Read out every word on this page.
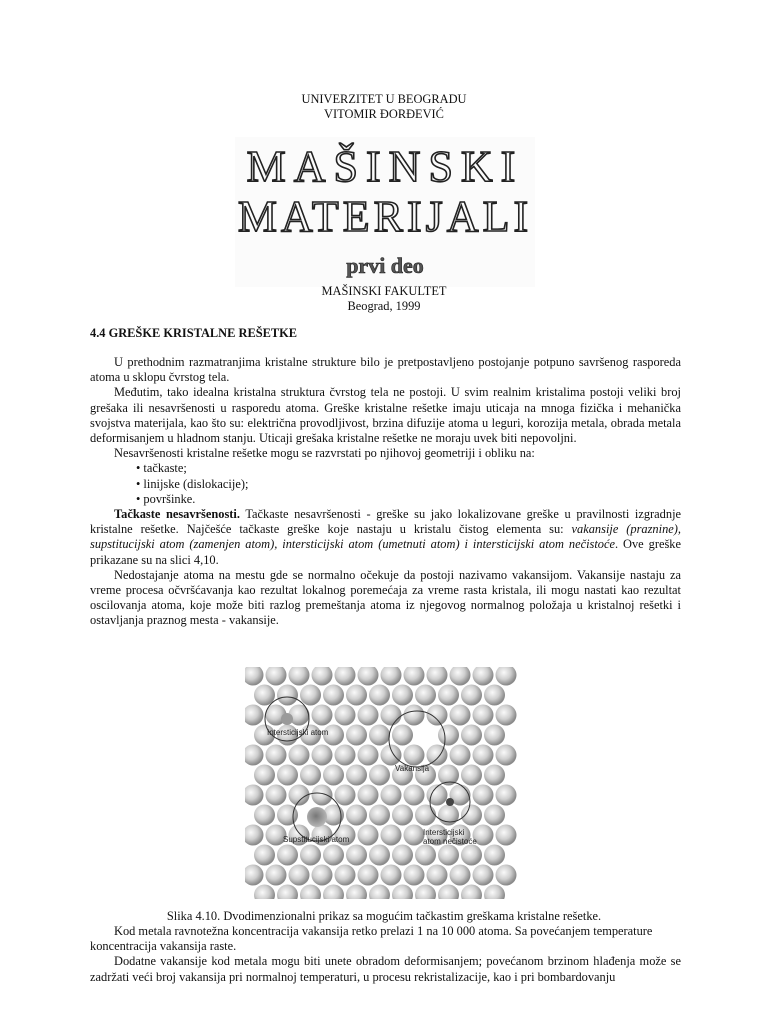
UNIVERZITET U BEOGRADU
VITOMIR ĐORĐEVIĆ
MAŠINSKI
MATERIJALI
prvi deo
MAŠINSKI FAKULTET
Beograd, 1999
4.4 GREŠKE KRISTALNE REŠETKE

U prethodnim razmatranjima kristalne strukture bilo je pretpostavljeno postojanje potpuno savršenog rasporeda atoma u sklopu čvrstog tela.

Međutim, tako idealna kristalna struktura čvrstog tela ne postoji. U svim realnim kristalima postoji veliki broj grešaka ili nesavršenosti u rasporedu atoma. Greške kristalne rešetke imaju uticaja na mnoga fizička i mehanička svojstva materijala, kao što su: električna provodljivost, brzina difuzije atoma u leguri, korozija metala, obrada metala deformisanjem u hladnom stanju. Uticaji grešaka kristalne rešetke ne moraju uvek biti nepovoljni.

Nesavršenosti kristalne rešetke mogu se razvrstati po njihovoj geometriji i obliku na:

• tačkaste;
• linijske (dislokacije);
• površinke.

Tačkaste nesavršenosti. Tačkaste nesavršenosti - greške su jako lokalizovane greške u pravilnosti izgradnje kristalne rešetke. Najčešće tačkaste greške koje nastaju u kristalu čistog elementa su: vakansije (praznine), supstitucijski atom (zamenjen atom), intersticijski atom (umetnuti atom) i intersticijski atom nečistoće. Ove greške prikazane su na slici 4,10.

Nedostajanje atoma na mestu gde se normalno očekuje da postoji nazivamo vakansijom. Vakansije nastaju za vreme procesa očvršćavanja kao rezultat lokalnog poremećaja za vreme rasta kristala, ili mogu nastati kao rezultat oscilovanja atoma, koje može biti razlog premeštanja atoma iz njegovog normalnog položaja u kristalnoj rešetki i ostavljanja praznog mesta - vakansije.

Intersticijski atom
Vakansija
Supstitucijski atom
Intersticijski
atom nečistoće
Slika 4.10. Dvodimenzionalni prikaz sa mogućim tačkastim greškama kristalne rešetke.

Kod metala ravnotežna koncentracija vakansija retko prelazi 1 na 10 000 atoma. Sa povećanjem temperature

koncentracija vakansija raste.

Dodatne vakansije kod metala mogu biti unete obradom deformisanjem; povećanom brzinom hlađenja može se zadržati veći broj vakansija pri normalnoj temperaturi, u procesu rekristalizacije, kao i pri bombardovanju
